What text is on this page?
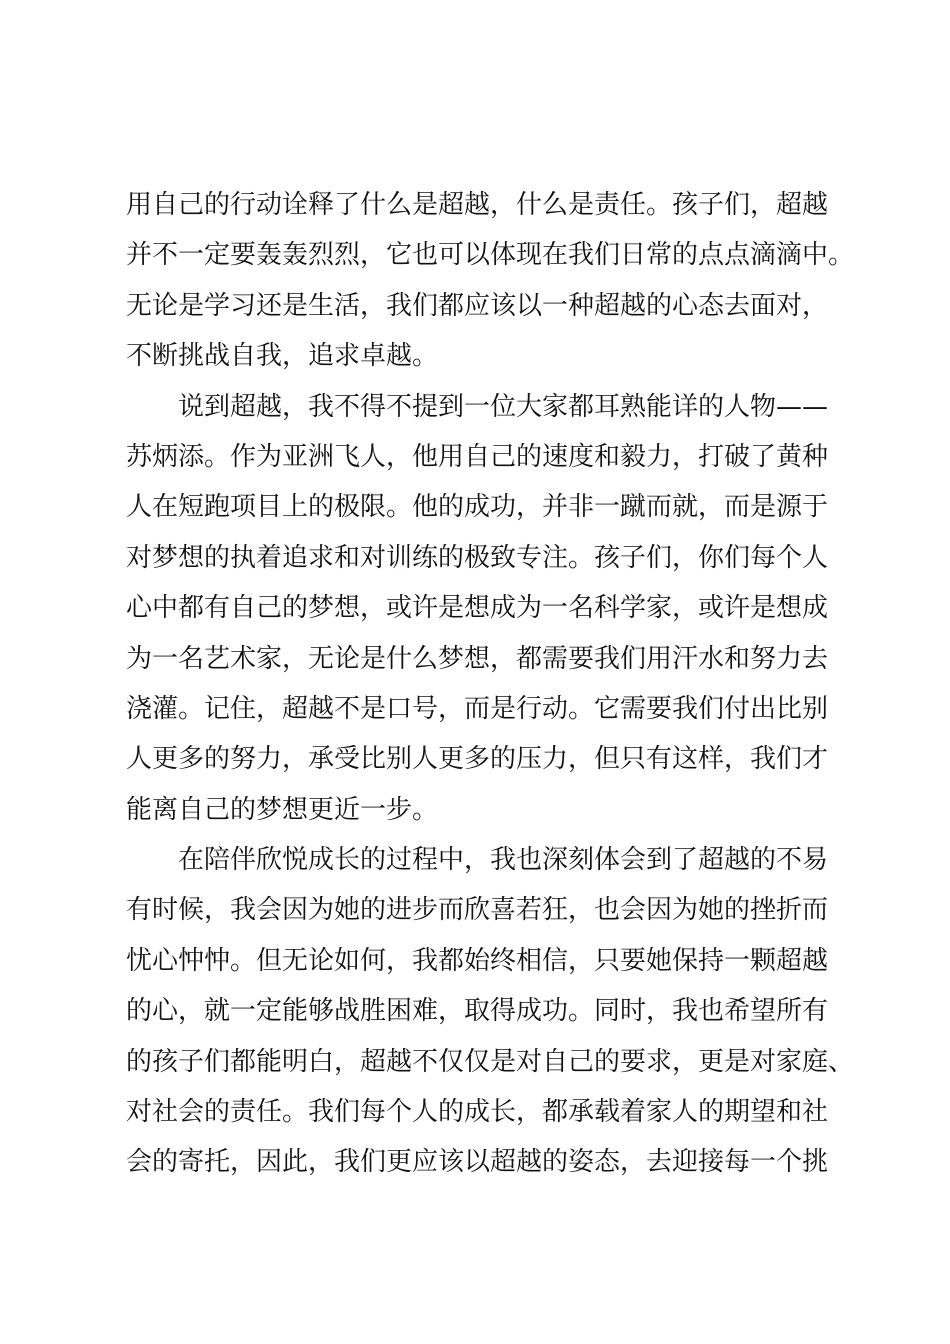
用自己的行动诠释了什么是超越，什么是责任。孩子们，超越
并不一定要轰轰烈烈，它也可以体现在我们日常的点点滴滴中。
无论是学习还是生活，我们都应该以一种超越的心态去面对，
不断挑战自我，追求卓越。
说到超越，我不得不提到一位大家都耳熟能详的人物——
苏炳添。作为亚洲飞人，他用自己的速度和毅力，打破了黄种
人在短跑项目上的极限。他的成功，并非一蹴而就，而是源于
对梦想的执着追求和对训练的极致专注。孩子们，你们每个人
心中都有自己的梦想，或许是想成为一名科学家，或许是想成
为一名艺术家，无论是什么梦想，都需要我们用汗水和努力去
浇灌。记住，超越不是口号，而是行动。它需要我们付出比别
人更多的努力，承受比别人更多的压力，但只有这样，我们才
能离自己的梦想更近一步。
在陪伴欣悦成长的过程中，我也深刻体会到了超越的不易
有时候，我会因为她的进步而欣喜若狂，也会因为她的挫折而
忧心忡忡。但无论如何，我都始终相信，只要她保持一颗超越
的心，就一定能够战胜困难，取得成功。同时，我也希望所有
的孩子们都能明白，超越不仅仅是对自己的要求，更是对家庭、
对社会的责任。我们每个人的成长，都承载着家人的期望和社
会的寄托，因此，我们更应该以超越的姿态，去迎接每一个挑
